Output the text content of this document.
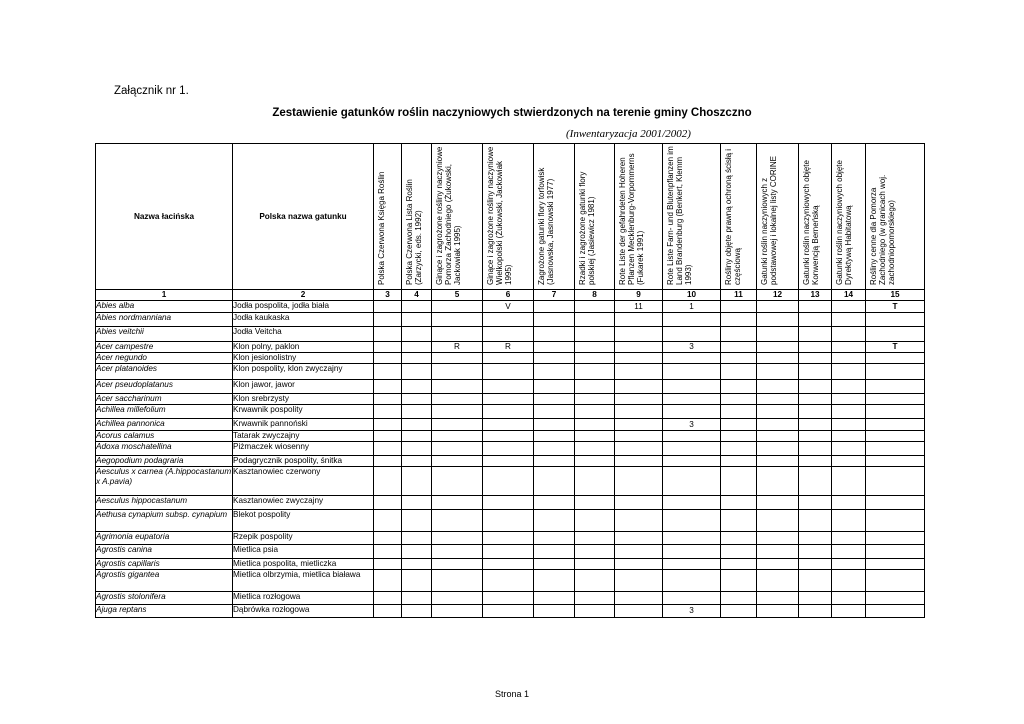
Załącznik nr 1.
Zestawienie gatunków roślin naczyniowych stwierdzonych na terenie gminy Choszczno
(Inwentaryzacja 2001/2002)
Nazwa łacińska	Polska nazwa gatunku	Polska Czerwona Księga Roślin	Polska Czerwona Lista Roślin (Zarzycki, eds. 1992)	Ginące i zagrożone rośliny naczyniowe Pomorza Zachodniego (Żukowski, Jackowiak 1995)	Ginące i zagrożone rośliny naczyniowe Wielkopolski (Żukowski, Jackowiak 1995)	Zagrożone gatunki flory torfowisk (Jasnowska, Jasnowski 1977)	Rzadki i zagrożone gatunki flory polskiej (Jasiewicz 1981)	Rote Liste der gefahrdeten Hoheren Pflanzen Mecklenburg-Vorpommerns (Fukarek 1991)	Rote Liste Farn- und Blutenpflanzen im Land Brandenburg (Benkert, Klemm 1993)	Rośliny objęte prawną ochroną ścisłą i częściową	Gatunki roślin naczyniowych z podstawowej i lokalnej listy CORINE	Gatunki roślin naczyniowych objęte Konwencją Berneńską	Gatunki roślin naczyniowych objęte Dyrektywą Habitatową	Rośliny cenne dla Pomorza Zachodniego (w granicach woj. zachodniopomorskiego)

1	2	3	4	5	6	7	8	9	10	11	12	13	14	15
Abies alba	Jodła pospolita, jodła biała				V			11	1					T
Abies nordmanniana	Jodła kaukaska													
Abies veitchii	Jodła Veitcha													
Acer campestre	Klon polny, paklon			R	R				3					T
Acer negundo	Klon jesionolistny													
Acer platanoides	Klon pospolity, klon zwyczajny													
Acer pseudoplatanus	Klon jawor, jawor													
Acer saccharinum	Klon srebrzysty													
Achillea millefolium	Krwawnik pospolity													
Achillea pannonica	Krwawnik pannoński								3					
Acorus calamus	Tatarak zwyczajny													
Adoxa moschatellina	Piżmaczek wiosenny													
Aegopodium podagraria	Podagrycznik pospolity, śnitka													
Aesculus x carnea (A.hippocastanum x A.pavia)	Kasztanowiec czerwony													
Aesculus hippocastanum	Kasztanowiec zwyczajny													
Aethusa cynapium subsp. cynapium	Blekot pospolity													
Agrimonia eupatoria	Rzepik pospolity													
Agrostis canina	Mietlica psia													
Agrostis capillaris	Mietlica pospolita, mietliczka													
Agrostis gigantea	Mietlica olbrzymia, mietlica biaława													
Agrostis stolonifera	Mietlica rozłogowa													
Ajuga reptans	Dąbrówka rozłogowa								3					
Strona 1
